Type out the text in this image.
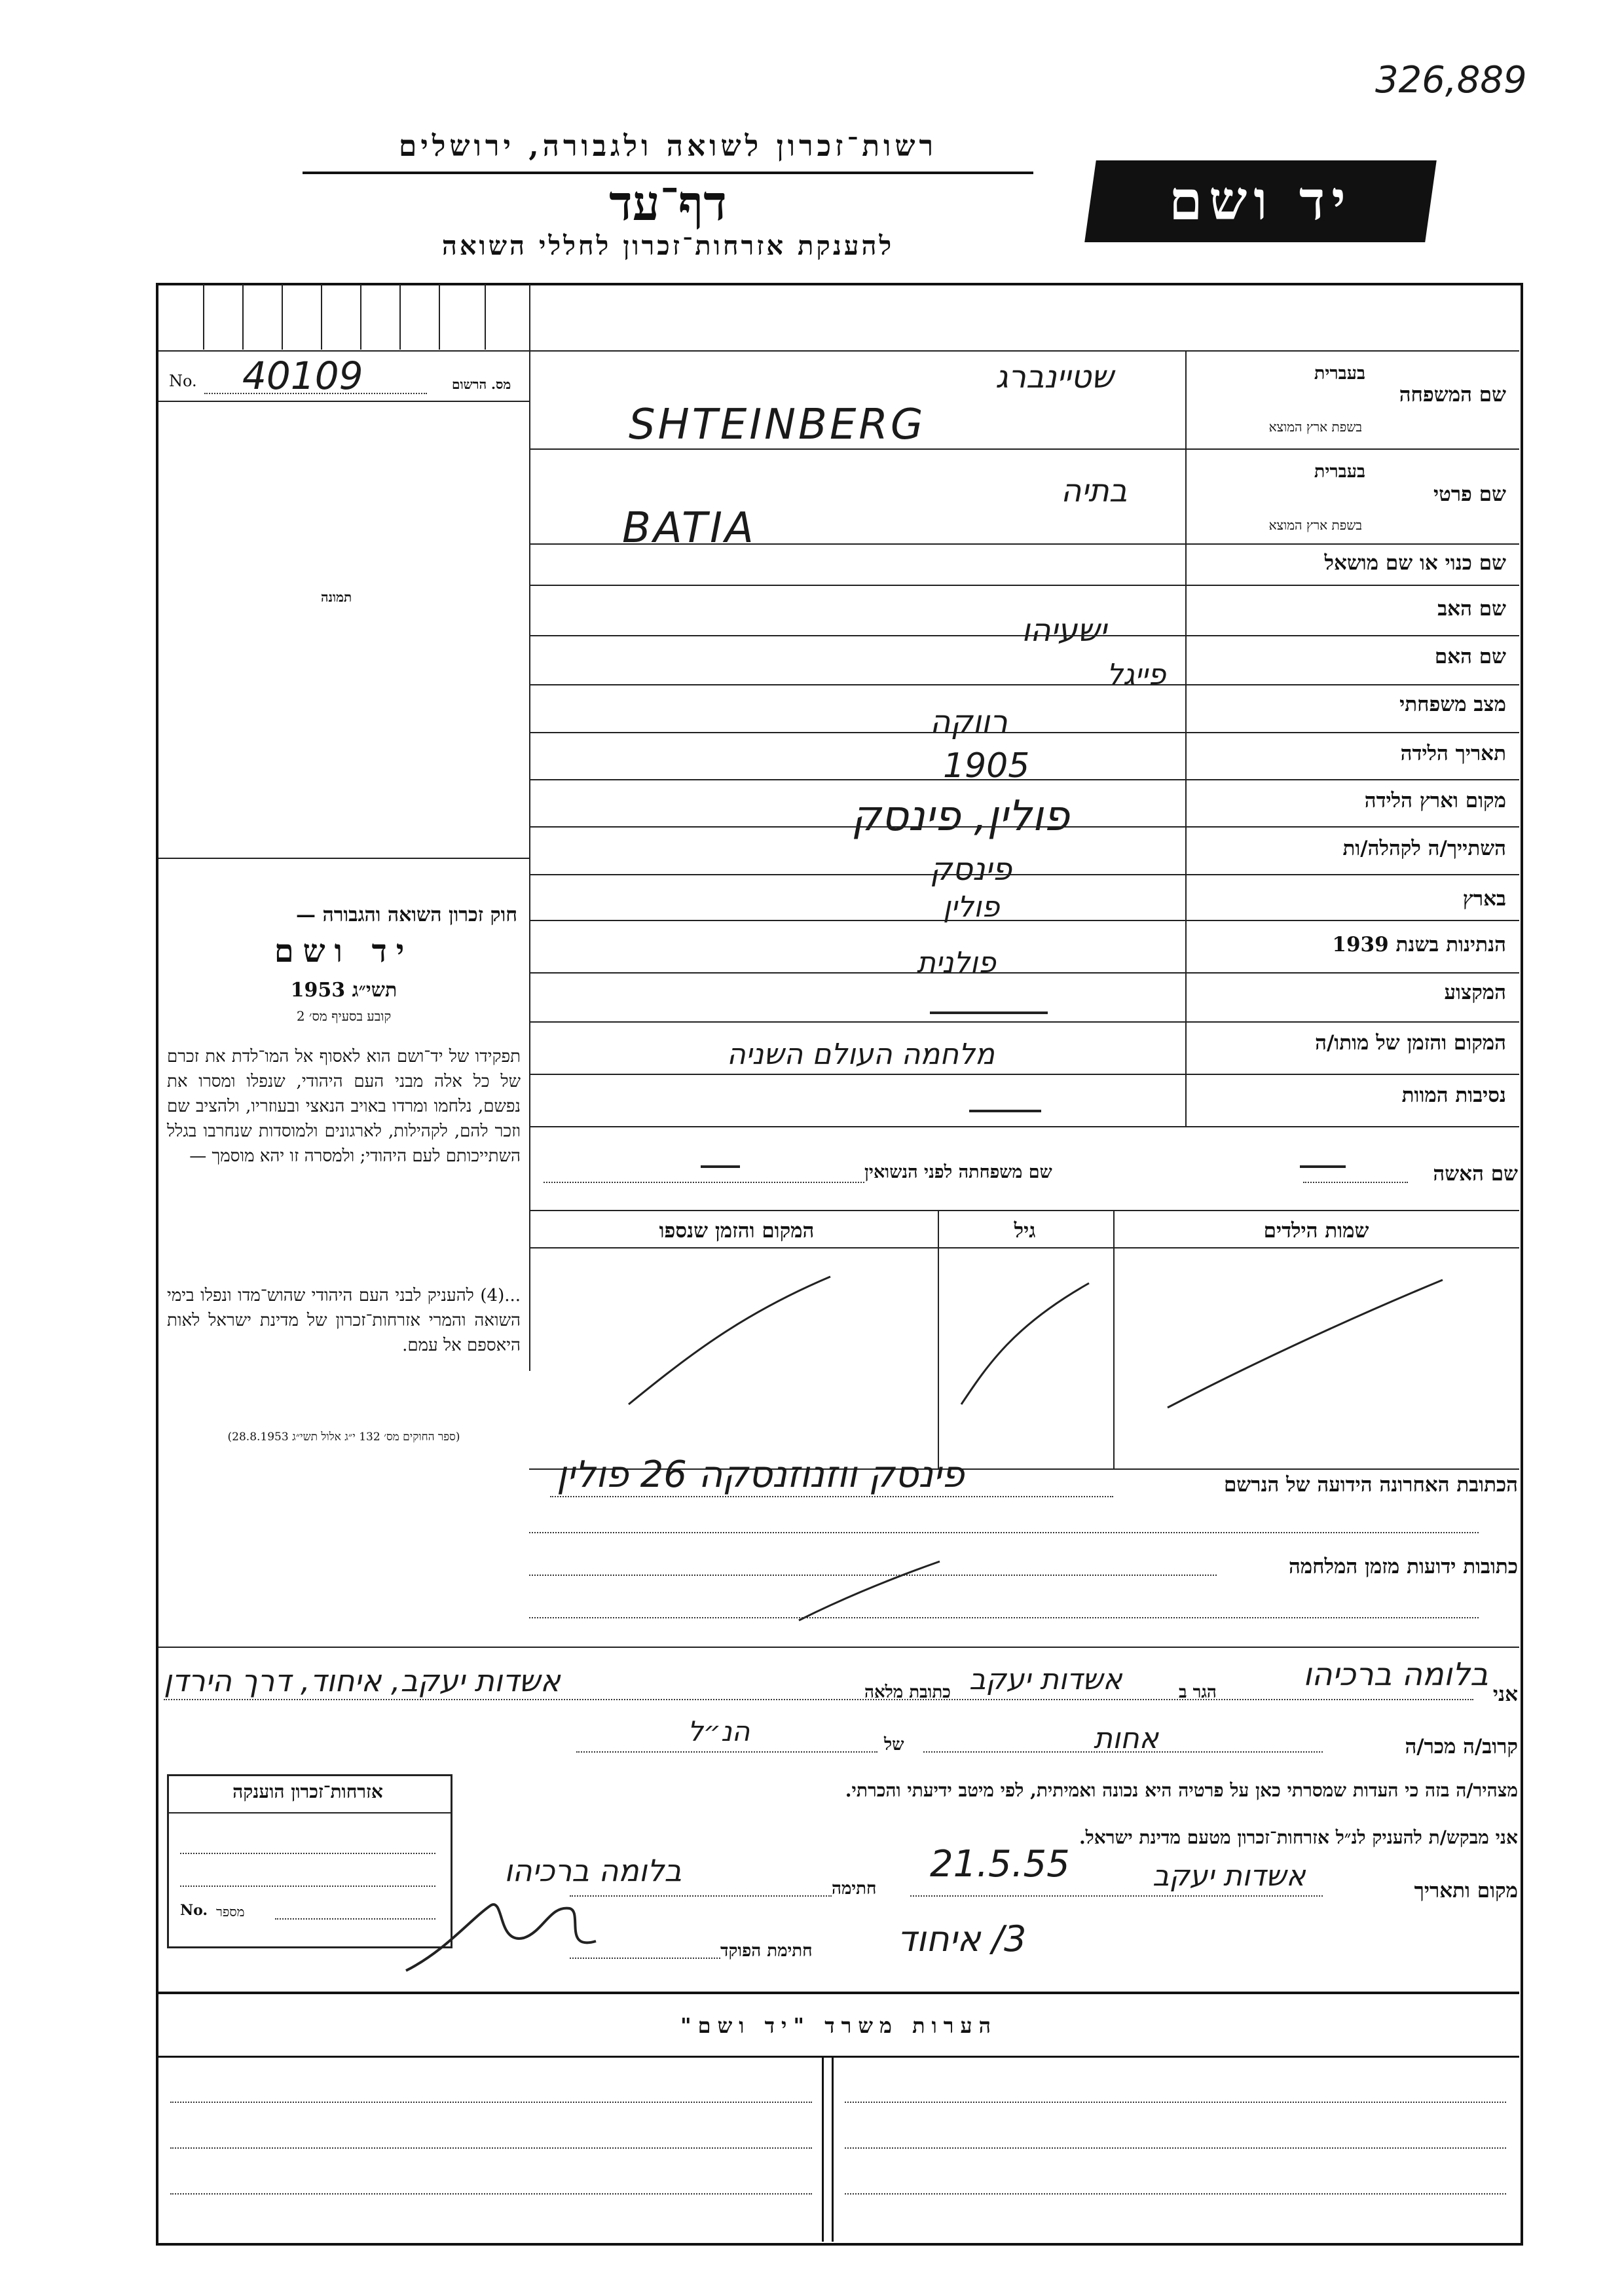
326,889
רשות־זכרון לשואה ולגבורה, ירושלים
דף־עד
להענקת אזרחות־זכרון לחללי השואה
יד ושם
No. 40109	מס. הרשום
תמונה
חוק זכרון השואה והגבורה —
יד ושם
תשי״ג 1953
קובע בסעיף מס׳ 2
תפקידו של יד־ושם הוא לאסוף אל המו־לדת את זכרם של כל אלה מבני העם היהודי, שנפלו ומסרו את נפשם, נלחמו ומרדו באויב הנאצי ובעוזריו, ולהציב שם וזכר להם, לקהילות, לארגונים ולמוסדות שנחרבו בגלל השתייכותם לעם היהודי; ולמסרה זו יהא מוסמך —
...(4) להעניק לבני העם היהודי שהוש־מדו ונפלו בימי השואה והמרי אזרחות־זכרון של מדינת ישראל לאות היאספם אל עמם.
(ספר החוקים מס׳ 132 י״ג אלול תשי״ג 28.8.1953)
שם המשפחה
בעברית
בשפת ארץ המוצא
שטיינברג
SHTEINBERG
שם פרטי
בעברית
בשפת ארץ המוצא
בתיה
BATIA
שם כנוי או שם מושאל
שם האב
ישעיהו
שם האם
פייגל
מצב משפחתי
רווקה
תאריך הלידה
1905
מקום וארץ הלידה
פולין, פינסק
השתייך/ה לקהלה/ות
פינסק
בארץ
פולין
הנתינות בשנת 1939
פולנית
המקצוע
המקום והזמן של מותו/ה
מלחמה העולם השניה
נסיבות המוות
שם האשה
שם משפחתה לפני הנשואין
שמות הילדים
גיל
המקום והזמן שנספו
הכתובת האחרונה הידועה של הנרשם
פינסק ווזנוזנסקה 26 פולין
כתובות ידועות מזמן המלחמה
אני
בלומה ברכיהו
הגר ב
אשדות יעקב
כתובת מלאה
אשדות יעקב, איחוד, דרך הירדן
קרוב/ה מכר/ה
אחות
של
הנ״ל
מצהיר/ה בזה כי העדות שמסרתי כאן על פרטיה היא נכונה ואמיתית, לפי מיטב ידיעתי והכרתי.
אני מבקש/ת להעניק לנ״ל אזרחות־זכרון מטעם מדינת ישראל.
מקום ותאריך
אשדות יעקב
21.5.55
חתימה
בלומה ברכיהו
חתימת הפוקד 3/ איחוד
אזרחות־זכרון הוענקה
No. מספר
הערות משרד "יד ושם"
